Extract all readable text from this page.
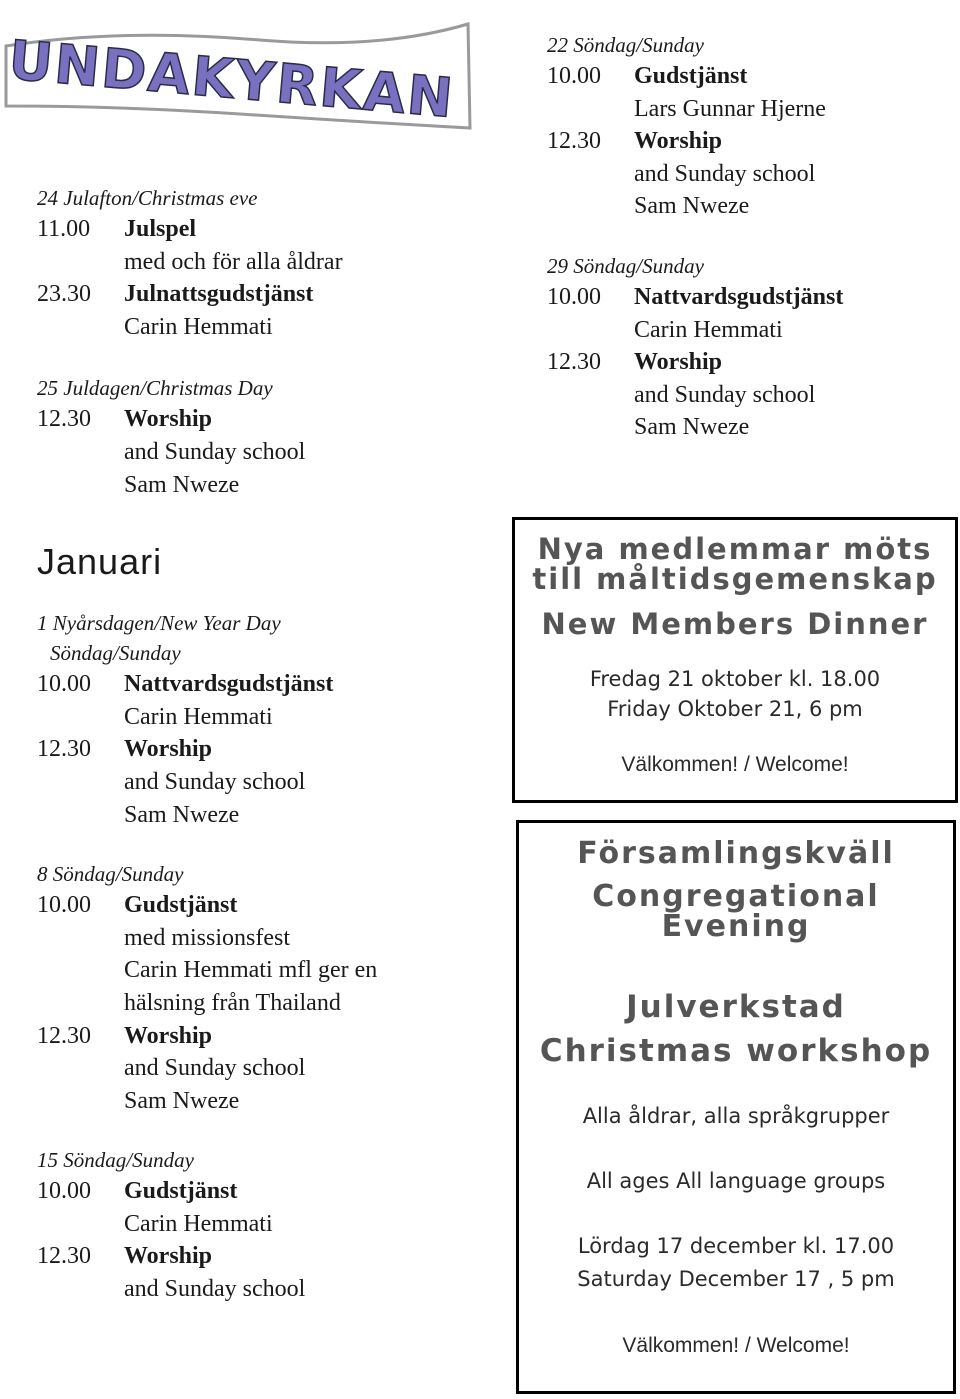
UNDAKYRKAN
24 Julafton/Christmas eve
11.00 Julspel
med och för alla åldrar
23.30 Julnattsgudstjänst
Carin Hemmati
25 Juldagen/Christmas Day
12.30 Worship
and Sunday school
Sam Nweze
Januari
1 Nyårsdagen/New Year Day
Söndag/Sunday
10.00 Nattvardsgudstjänst
Carin Hemmati
12.30 Worship
and Sunday school
Sam Nweze
8 Söndag/Sunday
10.00 Gudstjänst
med missionsfest
Carin Hemmati mfl ger en
hälsning från Thailand
12.30 Worship
and Sunday school
Sam Nweze
15 Söndag/Sunday
10.00 Gudstjänst
Carin Hemmati
12.30 Worship
and Sunday school
22 Söndag/Sunday
10.00 Gudstjänst
Lars Gunnar Hjerne
12.30 Worship
and Sunday school
Sam Nweze
29 Söndag/Sunday
10.00 Nattvardsgudstjänst
Carin Hemmati
12.30 Worship
and Sunday school
Sam Nweze
Nya medlemmar möts
till måltidsgemenskap
New Members Dinner
Fredag 21 oktober kl. 18.00
Friday Oktober 21, 6 pm
Välkommen! / Welcome!
Församlingskväll
Congregational
Evening
Julverkstad
Christmas workshop
Alla åldrar, alla språkgrupper
All ages All language groups
Lördag 17 december kl. 17.00
Saturday December 17 , 5 pm
Välkommen! / Welcome!
